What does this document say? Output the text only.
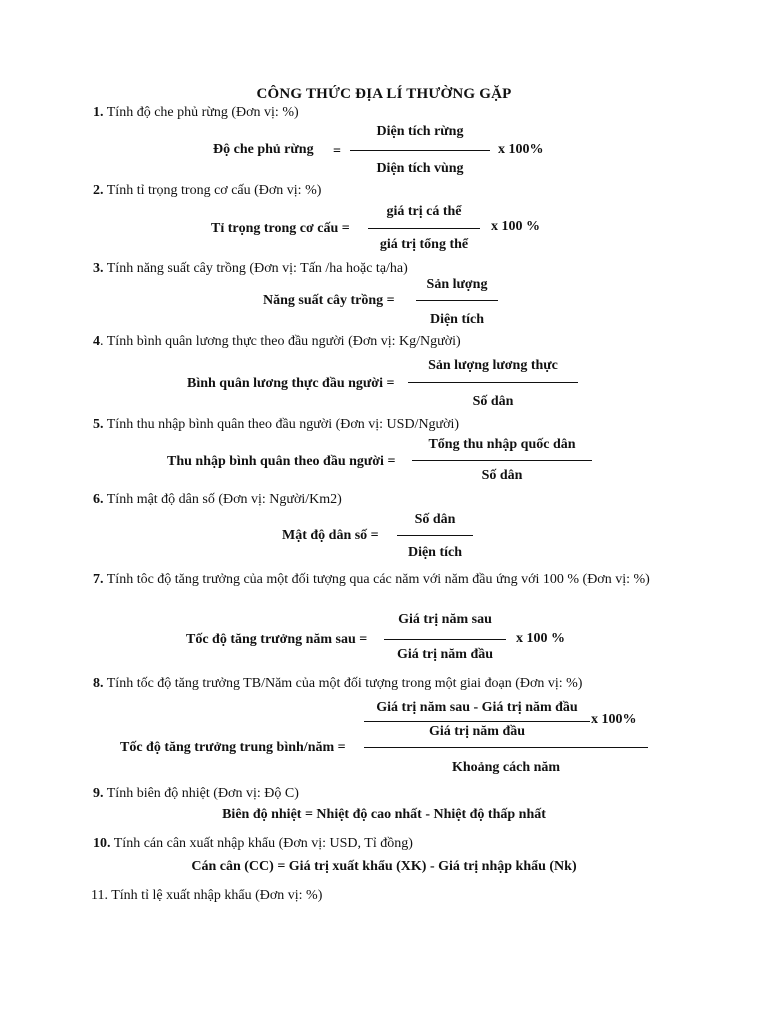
CÔNG THỨC ĐỊA LÍ THƯỜNG GẶP
1. Tính độ che phủ rừng (Đơn vị: %)
Độ che phủ rừng =
Diện tích rừng
Diện tích vùng
x 100%
2. Tính tỉ trọng trong cơ cấu (Đơn vị: %)
Tỉ trọng trong cơ cấu =
giá trị cá thể
giá trị tổng thể
x 100 %
3. Tính năng suất cây trồng (Đơn vị: Tấn /ha hoặc tạ/ha)
Năng suất cây trồng =
Sản lượng
Diện tích
4. Tính bình quân lương thực theo đầu người (Đơn vị: Kg/Người)
Bình quân lương thực đầu người =
Sản lượng lương thực
Số dân
5. Tính thu nhập bình quân theo đầu người (Đơn vị: USD/Người)
Thu nhập bình quân theo đầu người =
Tổng thu nhập quốc dân
Số dân
6. Tính mật độ dân số (Đơn vị: Người/Km2)
Mật độ dân số =
Số dân
Diện tích
7. Tính tôc độ tăng trưởng của một đối tượng qua các năm với năm đầu ứng với 100 % (Đơn vị: %)
Tốc độ tăng trưởng năm sau =
Giá trị năm sau
Giá trị năm đầu
x 100 %
8. Tính tốc độ tăng trưởng TB/Năm của một đối tượng trong một giai đoạn (Đơn vị: %)
Tốc độ tăng trưởng trung bình/năm =
Giá trị năm sau - Giá trị năm đầu
Giá trị năm đầu
x 100%
Khoảng cách năm
9. Tính biên độ nhiệt (Đơn vị: Độ C)
Biên độ nhiệt = Nhiệt độ cao nhất - Nhiệt độ thấp nhất
10. Tính cán cân xuất nhập khẩu (Đơn vị: USD, Tỉ đồng)
Cán cân (CC) = Giá trị xuất khẩu (XK) - Giá trị nhập khẩu (Nk)
11. Tính tỉ lệ xuất nhập khẩu (Đơn vị: %)
